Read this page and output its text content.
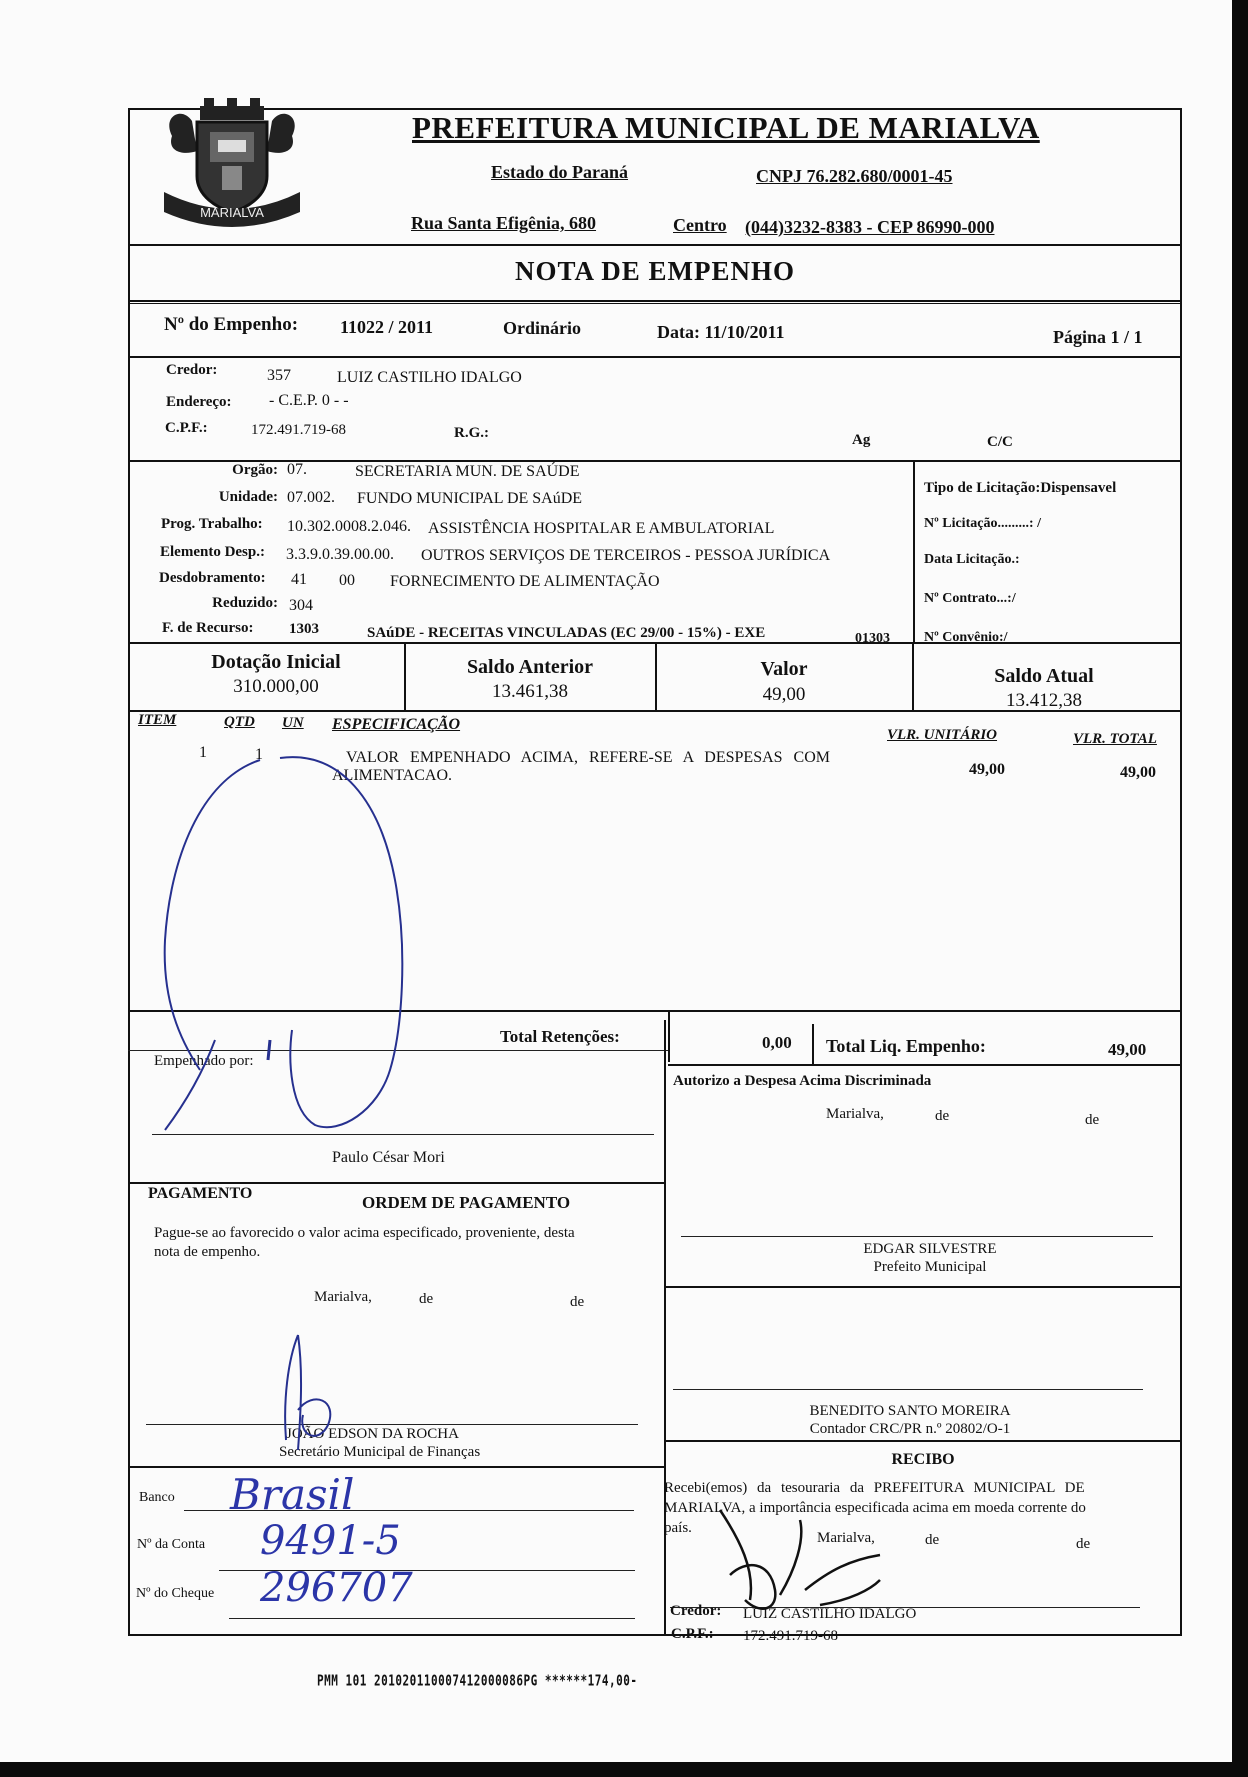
MARIALVA
PREFEITURA MUNICIPAL DE MARIALVA
Estado do Paraná	CNPJ 76.282.680/0001-45
Rua Santa Efigênia, 680	Centro (044)3232-8383 - CEP 86990-000
NOTA DE EMPENHO
Nº do Empenho: 11022 / 2011	Ordinário	Data: 11/10/2011	Página 1 / 1
Credor:	357	LUIZ CASTILHO IDALGO
Endereço: - C.E.P. 0 - -
C.P.F.:	172.491.719-68	R.G.:	Ag	C/C
Orgão: 07.	SECRETARIA MUN. DE SAÚDE
Unidade: 07.002. FUNDO MUNICIPAL DE SAúDE
Prog. Trabalho: 10.302.0008.2.046. ASSISTÊNCIA HOSPITALAR E AMBULATORIAL
Elemento Desp.: 3.3.9.0.39.00.00. OUTROS SERVIÇOS DE TERCEIROS - PESSOA JURÍDICA
Desdobramento: 41 00 FORNECIMENTO DE ALIMENTAÇÃO
Reduzido: 304
F. de Recurso: 1303	SAúDE - RECEITAS VINCULADAS (EC 29/00 - 15%) - EXE	01303
Tipo de Licitação:Dispensavel
Nº Licitação.........: /
Data Licitação.:
Nº Contrato...:/
Nº Convênio:/
Dotação Inicial
310.000,00
Saldo Anterior
13.461,38
Valor
49,00
Saldo Atual
13.412,38
ITEM	QTD UN ESPECIFICAÇÃO
VLR. UNITÁRIO	VLR. TOTAL
1	1	VALOR EMPENHADO ACIMA, REFERE-SE A DESPESAS COM
ALIMENTACAO.	49,00	49,00
Total Retenções:	0,00 Total Liq. Empenho:	49,00
Empenhado por:
Paulo César Mori
PAGAMENTO	ORDEM DE PAGAMENTO
Pague-se ao favorecido o valor acima especificado, proveniente, desta
nota de empenho.
Marialva,	de	de
JOÃO EDSON DA ROCHA
Secretário Municipal de Finanças
Banco Brasil
Nº da Conta 9491-5
Nº do Cheque 296707
Autorizo a Despesa Acima Discriminada
Marialva,	de	de
EDGAR SILVESTRE
Prefeito Municipal
BENEDITO SANTO MOREIRA
Contador CRC/PR n.º 20802/O-1
RECIBO
Recebi(emos) da tesouraria da PREFEITURA MUNICIPAL DE
MARIALVA, a importância especificada acima em moeda corrente do
país.
Marialva,	de	de
Credor: LUIZ CASTILHO IDALGO
C.P.F.: 172.491.719-68
PMM 101 201020110007412000086PG ******174,00-
